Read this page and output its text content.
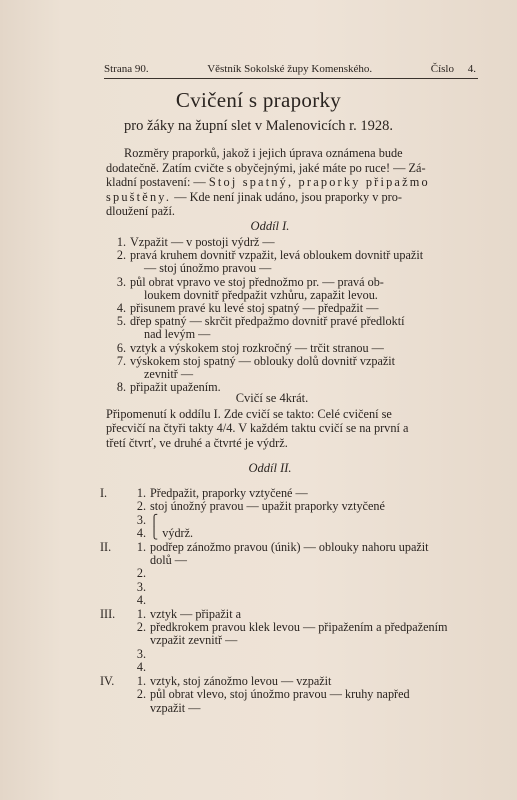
Strana 90.	Věstník Sokolské župy Komenského.	Číslo 4.
Cvičení s praporky
pro žáky na župní slet v Malenovicích r. 1928.
Rozměry praporků, jakož i jejich úprava oznámena bude
dodatečně. Zatím cvičte s obyčejnými, jaké máte po ruce! — Zá-
kladní postavení: — Stoj spatný, praporky připažmo
spuštěny. — Kde není jinak udáno, jsou praporky v pro-
dloužení paží.
Oddíl I.
1. Vzpažit — v postoji výdrž —
2. pravá kruhem dovnitř vzpažit, levá obloukem dovnitř upažit
— stoj únožmo pravou —
3. půl obrat vpravo ve stoj přednožmo pr. — pravá ob-
loukem dovnitř předpažit vzhůru, zapažit levou.
4. přisunem pravé ku levé stoj spatný — předpažit —
5. dřep spatný — skrčit předpažmo dovnitř pravé předloktí
nad levým —
6. vztyk a výskokem stoj rozkročný — trčit stranou —
7. výskokem stoj spatný — oblouky dolů dovnitř vzpažit
zevnitř —
8. připažit upažením.
Cvičí se 4krát.
Připomenutí k oddílu I. Zde cvičí se takto: Celé cvičení se
přecvičí na čtyři takty 4/4. V každém taktu cvičí se na první a
třetí čtvrť, ve druhé a čtvrté je výdrž.
Oddíl II.
I.	1. Předpažit, praporky vztyčené —
2. stoj únožný pravou — upažit praporky vztyčené
3. ⎧
4. ⎩ výdrž.
II.	1. podřep zánožmo pravou (únik) — oblouky nahoru upažit
dolů —
2.
3.
4.
III.	1. vztyk — připažit a
2. předkrokem pravou klek levou — připažením a předpažením
vzpažit zevnitř —
3.
4.
IV.	1. vztyk, stoj zánožmo levou — vzpažit
2. půl obrat vlevo, stoj únožmo pravou — kruhy napřed
vzpažit —
